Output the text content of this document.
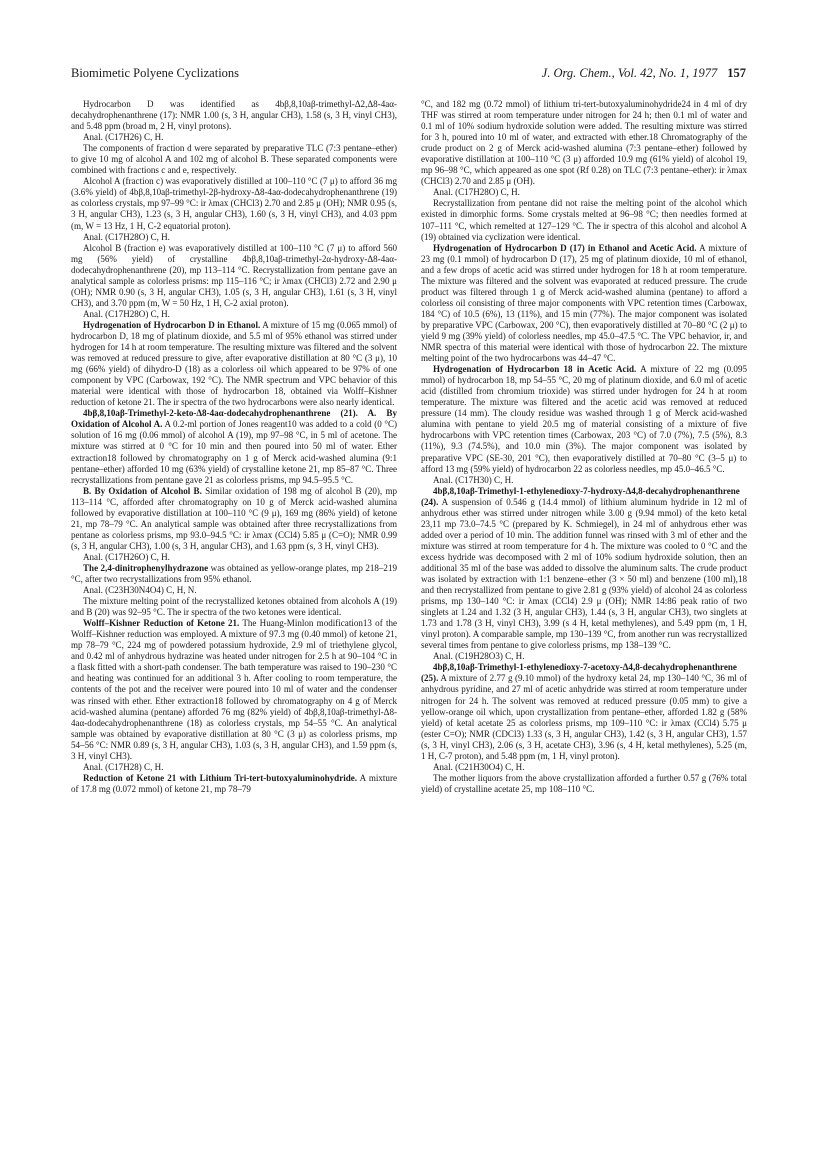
Biomimetic Polyene Cyclizations	J. Org. Chem., Vol. 42, No. 1, 1977 157

Hydrocarbon D was identified as 4bβ,8,10aβ-trimethyl-Δ2,Δ8-4aα-decahydrophenanthrene (17): NMR 1.00 (s, 3 H, angular CH3), 1.58 (s, 3 H, vinyl CH3), and 5.48 ppm (broad m, 2 H, vinyl protons).

Anal. (C17H26) C, H.

The components of fraction d were separated by preparative TLC (7:3 pentane–ether) to give 10 mg of alcohol A and 102 mg of alcohol B. These separated components were combined with fractions c and e, respectively.

Alcohol A (fraction c) was evaporatively distilled at 100–110 °C (7 μ) to afford 36 mg (3.6% yield) of 4bβ,8,10aβ-trimethyl-2β-hydroxy-Δ8-4aα-dodecahydrophenanthrene (19) as colorless crystals, mp 97–99 °C: ir λmax (CHCl3) 2.70 and 2.85 μ (OH); NMR 0.95 (s, 3 H, angular CH3), 1.23 (s, 3 H, angular CH3), 1.60 (s, 3 H, vinyl CH3), and 4.03 ppm (m, W = 13 Hz, 1 H, C-2 equatorial proton).

Anal. (C17H28O) C, H.

Alcohol B (fraction e) was evaporatively distilled at 100–110 °C (7 μ) to afford 560 mg (56% yield) of crystalline 4bβ,8,10aβ-trimethyl-2α-hydroxy-Δ8-4aα-dodecahydrophenanthrene (20), mp 113–114 °C. Recrystallization from pentane gave an analytical sample as colorless prisms: mp 115–116 °C; ir λmax (CHCl3) 2.72 and 2.90 μ (OH); NMR 0.90 (s, 3 H, angular CH3), 1.05 (s, 3 H, angular CH3), 1.61 (s, 3 H, vinyl CH3), and 3.70 ppm (m, W = 50 Hz, 1 H, C-2 axial proton).

Anal. (C17H28O) C, H.

Hydrogenation of Hydrocarbon D in Ethanol. A mixture of 15 mg (0.065 mmol) of hydrocarbon D, 18 mg of platinum dioxide, and 5.5 ml of 95% ethanol was stirred under hydrogen for 14 h at room temperature. The resulting mixture was filtered and the solvent was removed at reduced pressure to give, after evaporative distillation at 80 °C (3 μ), 10 mg (66% yield) of dihydro-D (18) as a colorless oil which appeared to be 97% of one component by VPC (Carbowax, 192 °C). The NMR spectrum and VPC behavior of this material were identical with those of hydrocarbon 18, obtained via Wolff–Kishner reduction of ketone 21. The ir spectra of the two hydrocarbons were also nearly identical.

4bβ,8,10aβ-Trimethyl-2-keto-Δ8-4aα-dodecahydrophenanthrene (21). A. By Oxidation of Alcohol A. A 0.2-ml portion of Jones reagent10 was added to a cold (0 °C) solution of 16 mg (0.06 mmol) of alcohol A (19), mp 97–98 °C, in 5 ml of acetone. The mixture was stirred at 0 °C for 10 min and then poured into 50 ml of water. Ether extraction18 followed by chromatography on 1 g of Merck acid-washed alumina (9:1 pentane–ether) afforded 10 mg (63% yield) of crystalline ketone 21, mp 85–87 °C. Three recrystallizations from pentane gave 21 as colorless prisms, mp 94.5–95.5 °C.

B. By Oxidation of Alcohol B. Similar oxidation of 198 mg of alcohol B (20), mp 113–114 °C, afforded after chromatography on 10 g of Merck acid-washed alumina followed by evaporative distillation at 100–110 °C (9 μ), 169 mg (86% yield) of ketone 21, mp 78–79 °C. An analytical sample was obtained after three recrystallizations from pentane as colorless prisms, mp 93.0–94.5 °C: ir λmax (CCl4) 5.85 μ (C=O); NMR 0.99 (s, 3 H, angular CH3), 1.00 (s, 3 H, angular CH3), and 1.63 ppm (s, 3 H, vinyl CH3).

Anal. (C17H26O) C, H.

The 2,4-dinitrophenylhydrazone was obtained as yellow-orange plates, mp 218–219 °C, after two recrystallizations from 95% ethanol.

Anal. (C23H30N4O4) C, H, N.

The mixture melting point of the recrystallized ketones obtained from alcohols A (19) and B (20) was 92–95 °C. The ir spectra of the two ketones were identical.

Wolff–Kishner Reduction of Ketone 21. The Huang-Minlon modification13 of the Wolff–Kishner reduction was employed. A mixture of 97.3 mg (0.40 mmol) of ketone 21, mp 78–79 °C, 224 mg of powdered potassium hydroxide, 2.9 ml of triethylene glycol, and 0.42 ml of anhydrous hydrazine was heated under nitrogen for 2.5 h at 90–104 °C in a flask fitted with a short-path condenser. The bath temperature was raised to 190–230 °C and heating was continued for an additional 3 h. After cooling to room temperature, the contents of the pot and the receiver were poured into 10 ml of water and the condenser was rinsed with ether. Ether extraction18 followed by chromatography on 4 g of Merck acid-washed alumina (pentane) afforded 76 mg (82% yield) of 4bβ,8,10aβ-trimethyl-Δ8-4aα-dodecahydrophenanthrene (18) as colorless crystals, mp 54–55 °C. An analytical sample was obtained by evaporative distillation at 80 °C (3 μ) as colorless prisms, mp 54–56 °C: NMR 0.89 (s, 3 H, angular CH3), 1.03 (s, 3 H, angular CH3), and 1.59 ppm (s, 3 H, vinyl CH3).

Anal. (C17H28) C, H.

Reduction of Ketone 21 with Lithium Tri-tert-butoxyaluminohydride. A mixture of 17.8 mg (0.072 mmol) of ketone 21, mp 78–79

°C, and 182 mg (0.72 mmol) of lithium tri-tert-butoxyaluminohydride24 in 4 ml of dry THF was stirred at room temperature under nitrogen for 24 h; then 0.1 ml of water and 0.1 ml of 10% sodium hydroxide solution were added. The resulting mixture was stirred for 3 h, poured into 10 ml of water, and extracted with ether.18 Chromatography of the crude product on 2 g of Merck acid-washed alumina (7:3 pentane–ether) followed by evaporative distillation at 100–110 °C (3 μ) afforded 10.9 mg (61% yield) of alcohol 19, mp 96–98 °C, which appeared as one spot (Rf 0.28) on TLC (7:3 pentane–ether): ir λmax (CHCl3) 2.70 and 2.85 μ (OH).

Anal. (C17H28O) C, H.

Recrystallization from pentane did not raise the melting point of the alcohol which existed in dimorphic forms. Some crystals melted at 96–98 °C; then needles formed at 107–111 °C, which remelted at 127–129 °C. The ir spectra of this alcohol and alcohol A (19) obtained via cyclization were identical.

Hydrogenation of Hydrocarbon D (17) in Ethanol and Acetic Acid. A mixture of 23 mg (0.1 mmol) of hydrocarbon D (17), 25 mg of platinum dioxide, 10 ml of ethanol, and a few drops of acetic acid was stirred under hydrogen for 18 h at room temperature. The mixture was filtered and the solvent was evaporated at reduced pressure. The crude product was filtered through 1 g of Merck acid-washed alumina (pentane) to afford a colorless oil consisting of three major components with VPC retention times (Carbowax, 184 °C) of 10.5 (6%), 13 (11%), and 15 min (77%). The major component was isolated by preparative VPC (Carbowax, 200 °C), then evaporatively distilled at 70–80 °C (2 μ) to yield 9 mg (39% yield) of colorless needles, mp 45.0–47.5 °C. The VPC behavior, ir, and NMR spectra of this material were identical with those of hydrocarbon 22. The mixture melting point of the two hydrocarbons was 44–47 °C.

Hydrogenation of Hydrocarbon 18 in Acetic Acid. A mixture of 22 mg (0.095 mmol) of hydrocarbon 18, mp 54–55 °C, 20 mg of platinum dioxide, and 6.0 ml of acetic acid (distilled from chromium trioxide) was stirred under hydrogen for 24 h at room temperature. The mixture was filtered and the acetic acid was removed at reduced pressure (14 mm). The cloudy residue was washed through 1 g of Merck acid-washed alumina with pentane to yield 20.5 mg of material consisting of a mixture of five hydrocarbons with VPC retention times (Carbowax, 203 °C) of 7.0 (7%), 7.5 (5%), 8.3 (11%), 9.3 (74.5%), and 10.0 min (3%). The major component was isolated by preparative VPC (SE-30, 201 °C), then evaporatively distilled at 70–80 °C (3–5 μ) to afford 13 mg (59% yield) of hydrocarbon 22 as colorless needles, mp 45.0–46.5 °C.

Anal. (C17H30) C, H.

4bβ,8,10aβ-Trimethyl-1-ethylenedioxy-7-hydroxy-Δ4,8-decahydrophenanthrene (24). A suspension of 0.546 g (14.4 mmol) of lithium aluminum hydride in 12 ml of anhydrous ether was stirred under nitrogen while 3.00 g (9.94 mmol) of the keto ketal 23,11 mp 73.0–74.5 °C (prepared by K. Schmiegel), in 24 ml of anhydrous ether was added over a period of 10 min. The addition funnel was rinsed with 3 ml of ether and the mixture was stirred at room temperature for 4 h. The mixture was cooled to 0 °C and the excess hydride was decomposed with 2 ml of 10% sodium hydroxide solution, then an additional 35 ml of the base was added to dissolve the aluminum salts. The crude product was isolated by extraction with 1:1 benzene–ether (3 × 50 ml) and benzene (100 ml),18 and then recrystallized from pentane to give 2.81 g (93% yield) of alcohol 24 as colorless prisms, mp 130–140 °C: ir λmax (CCl4) 2.9 μ (OH); NMR 14:86 peak ratio of two singlets at 1.24 and 1.32 (3 H, angular CH3), 1.44 (s, 3 H, angular CH3), two singlets at 1.73 and 1.78 (3 H, vinyl CH3), 3.99 (s 4 H, ketal methylenes), and 5.49 ppm (m, 1 H, vinyl proton). A comparable sample, mp 130–139 °C, from another run was recrystallized several times from pentane to give colorless prisms, mp 138–139 °C.

Anal. (C19H28O3) C, H.

4bβ,8,10aβ-Trimethyl-1-ethylenedioxy-7-acetoxy-Δ4,8-decahydrophenanthrene (25). A mixture of 2.77 g (9.10 mmol) of the hydroxy ketal 24, mp 130–140 °C, 36 ml of anhydrous pyridine, and 27 ml of acetic anhydride was stirred at room temperature under nitrogen for 24 h. The solvent was removed at reduced pressure (0.05 mm) to give a yellow-orange oil which, upon crystallization from pentane–ether, afforded 1.82 g (58% yield) of ketal acetate 25 as colorless prisms, mp 109–110 °C: ir λmax (CCl4) 5.75 μ (ester C=O); NMR (CDCl3) 1.33 (s, 3 H, angular CH3), 1.42 (s, 3 H, angular CH3), 1.57 (s, 3 H, vinyl CH3), 2.06 (s, 3 H, acetate CH3), 3.96 (s, 4 H, ketal methylenes), 5.25 (m, 1 H, C-7 proton), and 5.48 ppm (m, 1 H, vinyl proton).

Anal. (C21H30O4) C, H.

The mother liquors from the above crystallization afforded a further 0.57 g (76% total yield) of crystalline acetate 25, mp 108–110 °C.
